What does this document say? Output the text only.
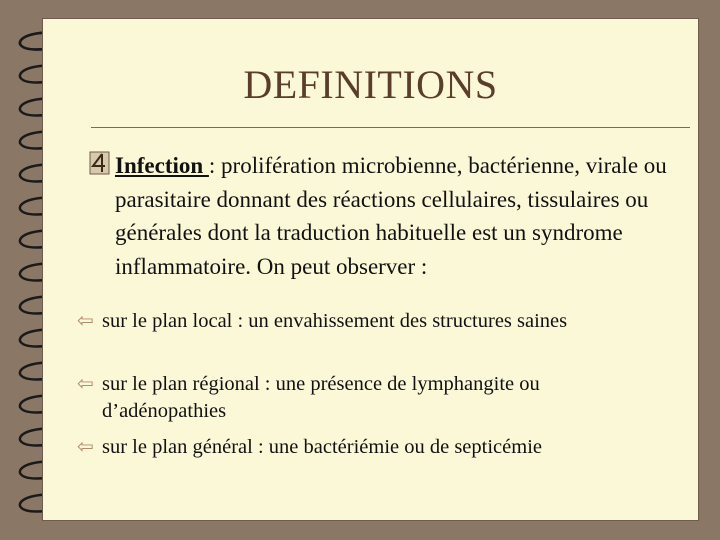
DEFINITIONS
Infection : prolifération microbienne, bactérienne, virale ou parasitaire donnant des réactions cellulaires, tissulaires ou générales dont la traduction habituelle est un syndrome inflammatoire. On peut observer :
⇦ sur le plan local : un envahissement des structures saines
⇦ sur le plan régional : une présence de lymphangite ou d’adénopathies
⇦ sur le plan général : une bactériémie ou de septicémie
